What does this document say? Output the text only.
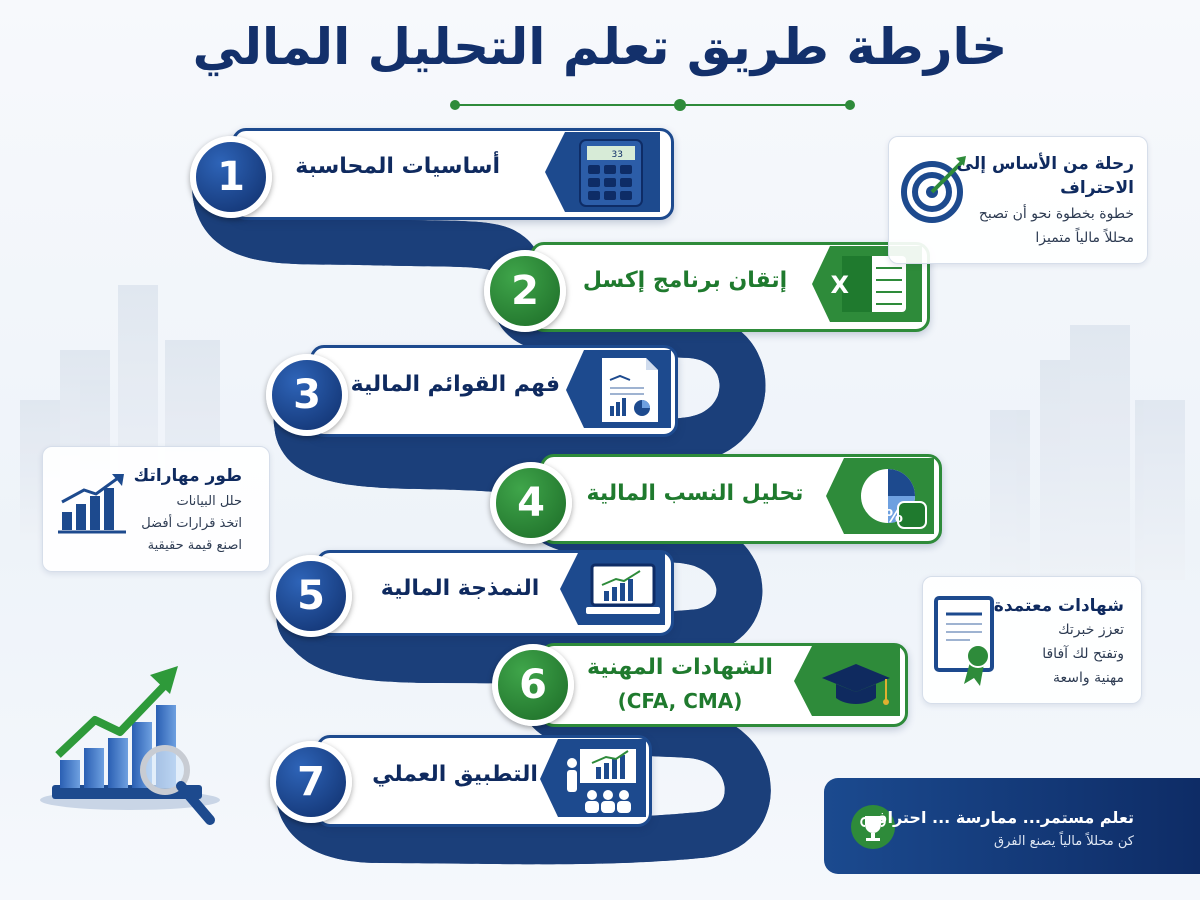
خارطة طريق تعلم التحليل المالي
أساسيات المحاسبة	33
1
إتقان برنامج إكسل	X
2
فهم القوائم المالية
3
تحليل النسب المالية
%
4
النمذجة المالية
5
الشهادات المهنية
(CFA, CMA)
6
التطبيق العملي
7
رحلة من الأساس إلى
الاحتراف
خطوة بخطوة نحو أن تصبح
محللاً مالياً متميزا
طور مهاراتك
حلل البيانات
اتخذ قرارات أفضل
اصنع قيمة حقيقية
شهادات معتمدة
تعزز خبرتك
وتفتح لك آفاقا
مهنية واسعة
تعلم مستمر... ممارسة ... احتراف
كن محللاً مالياً يصنع الفرق
